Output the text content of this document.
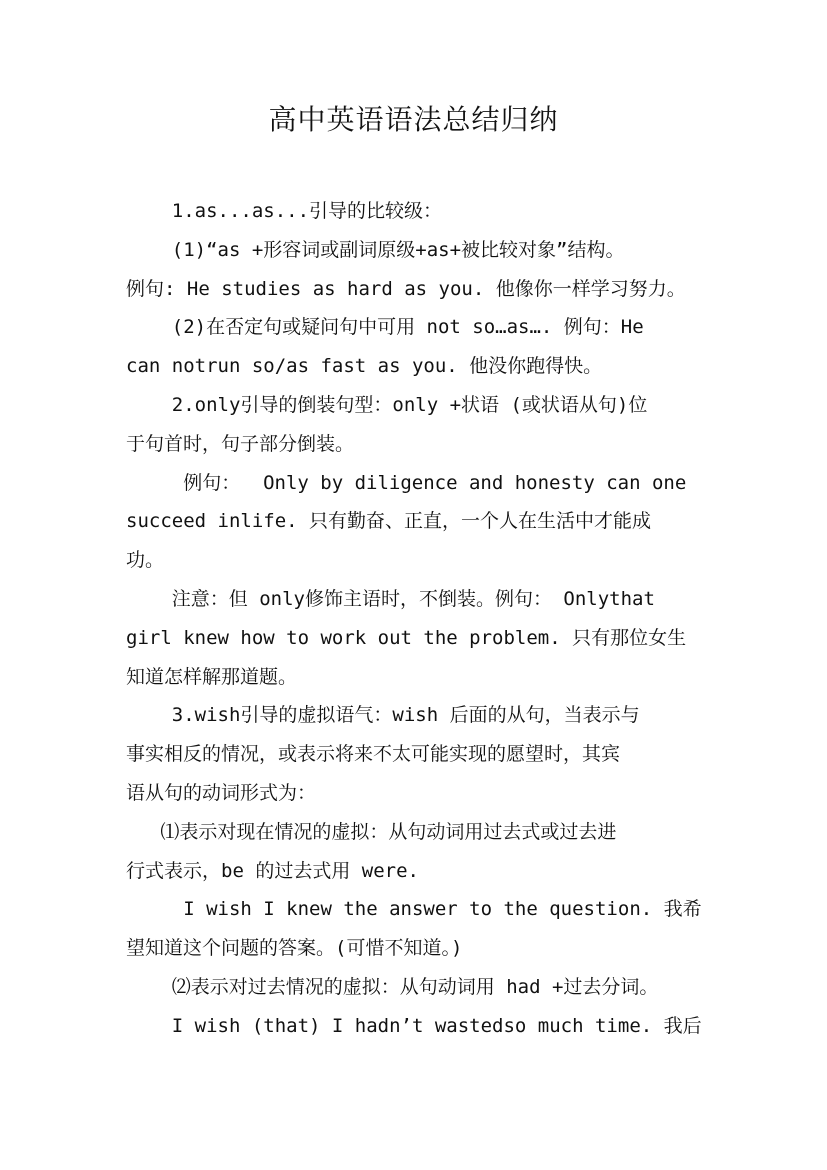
高中英语语法总结归纳
1.as...as...引导的比较级：
(1)“as +形容词或副词原级+as+被比较对象”结构。
例句: He studies as hard as you. 他像你一样学习努力。
(2)在否定句或疑问句中可用 not so…as…. 例句：He
can notrun so/as fast as you. 他没你跑得快。
2.only引导的倒装句型：only +状语 (或状语从句)位
于句首时，句子部分倒装。
例句：  Only by diligence and honesty can one
succeed inlife. 只有勤奋、正直，一个人在生活中才能成
功。
注意：但 only修饰主语时，不倒装。例句： Onlythat
girl knew how to work out the problem. 只有那位女生
知道怎样解那道题。
3.wish引导的虚拟语气：wish 后面的从句，当表示与
事实相反的情况，或表示将来不太可能实现的愿望时，其宾
语从句的动词形式为：
⑴表示对现在情况的虚拟：从句动词用过去式或过去进
行式表示，be 的过去式用 were.
I wish I knew the answer to the question. 我希
望知道这个问题的答案。(可惜不知道。)
⑵表示对过去情况的虚拟：从句动词用 had +过去分词。
I wish (that) I hadn’t wastedso much time. 我后
